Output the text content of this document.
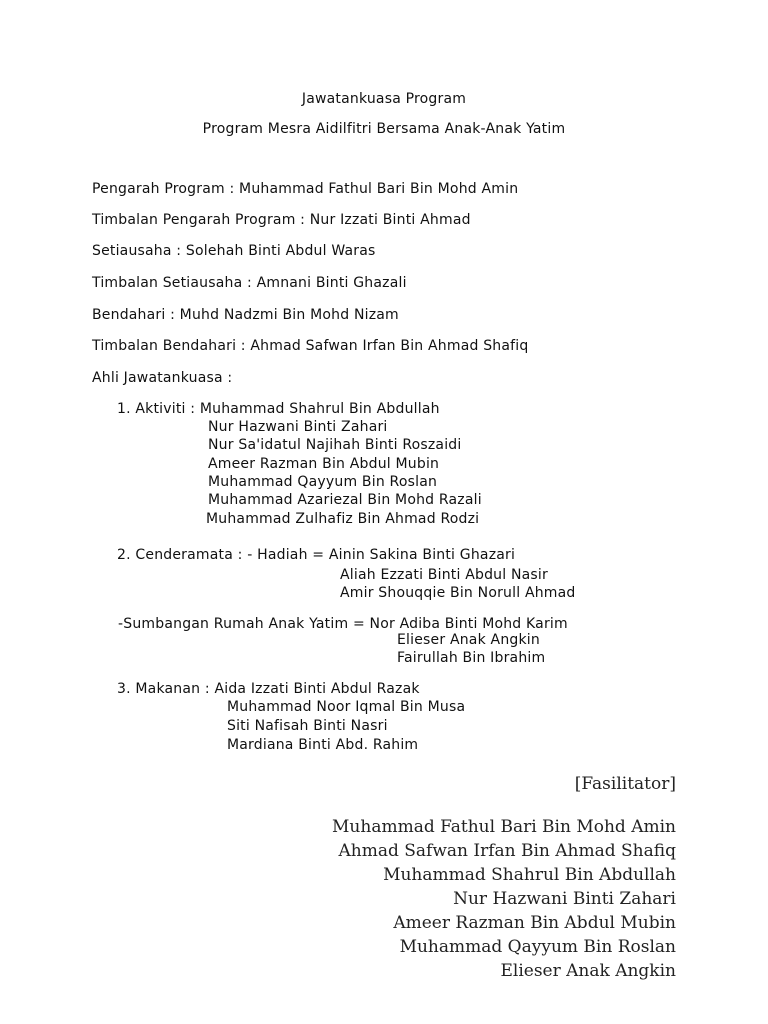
Jawatankuasa Program
Program Mesra Aidilfitri Bersama Anak-Anak Yatim
Pengarah Program : Muhammad Fathul Bari Bin Mohd Amin
Timbalan Pengarah Program : Nur Izzati Binti Ahmad
Setiausaha : Solehah Binti Abdul Waras
Timbalan Setiausaha : Amnani Binti Ghazali
Bendahari : Muhd Nadzmi Bin Mohd Nizam
Timbalan Bendahari : Ahmad Safwan Irfan Bin Ahmad Shafiq
Ahli Jawatankuasa :
1. Aktiviti : Muhammad Shahrul Bin Abdullah
Nur Hazwani Binti Zahari
Nur Sa'idatul Najihah Binti Roszaidi
Ameer Razman Bin Abdul Mubin
Muhammad Qayyum Bin Roslan
Muhammad Azariezal Bin Mohd Razali
Muhammad Zulhafiz Bin Ahmad Rodzi
2. Cenderamata : - Hadiah = Ainin Sakina Binti Ghazari
Aliah Ezzati Binti Abdul Nasir
Amir Shouqqie Bin Norull Ahmad
-Sumbangan Rumah Anak Yatim = Nor Adiba Binti Mohd Karim
Elieser Anak Angkin
Fairullah Bin Ibrahim
3. Makanan : Aida Izzati Binti Abdul Razak
Muhammad Noor Iqmal Bin Musa
Siti Nafisah Binti Nasri
Mardiana Binti Abd. Rahim
[Fasilitator]
Muhammad Fathul Bari Bin Mohd Amin
Ahmad Safwan Irfan Bin Ahmad Shafiq
Muhammad Shahrul Bin Abdullah
Nur Hazwani Binti Zahari
Ameer Razman Bin Abdul Mubin
Muhammad Qayyum Bin Roslan
Elieser Anak Angkin
